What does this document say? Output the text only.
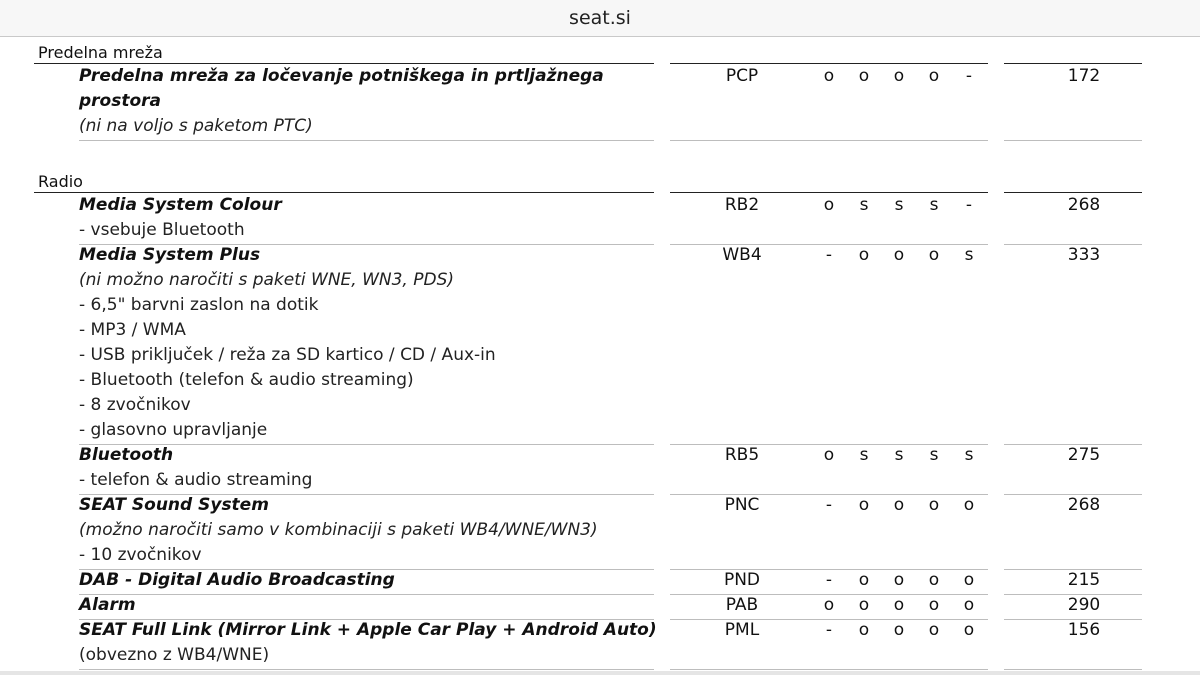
Predelna mreža
Predelna mreža za ločevanje potniškega in prtljažnega
prostora
(ni na voljo s paketom PTC)
PCP	o o o o -	172
Radio
Media System Colour
- vsebuje Bluetooth
RB2	o s s s -	268
Media System Plus
(ni možno naročiti s paketi WNE, WN3, PDS)
- 6,5" barvni zaslon na dotik
- MP3 / WMA
- USB priključek / reža za SD kartico / CD / Aux-in
- Bluetooth (telefon & audio streaming)
- 8 zvočnikov
- glasovno upravljanje
WB4	- o o o s	333
Bluetooth
- telefon & audio streaming
RB5	o s s s s	275
SEAT Sound System
(možno naročiti samo v kombinaciji s paketi WB4/WNE/WN3)
- 10 zvočnikov
PNC	- o o o o	268
DAB - Digital Audio Broadcasting	PND	- o o o o	215
Alarm	PAB	o o o o o	290
SEAT Full Link (Mirror Link + Apple Car Play + Android Auto)
(obvezno z WB4/WNE)
PML	- o o o o	156
seat.si
